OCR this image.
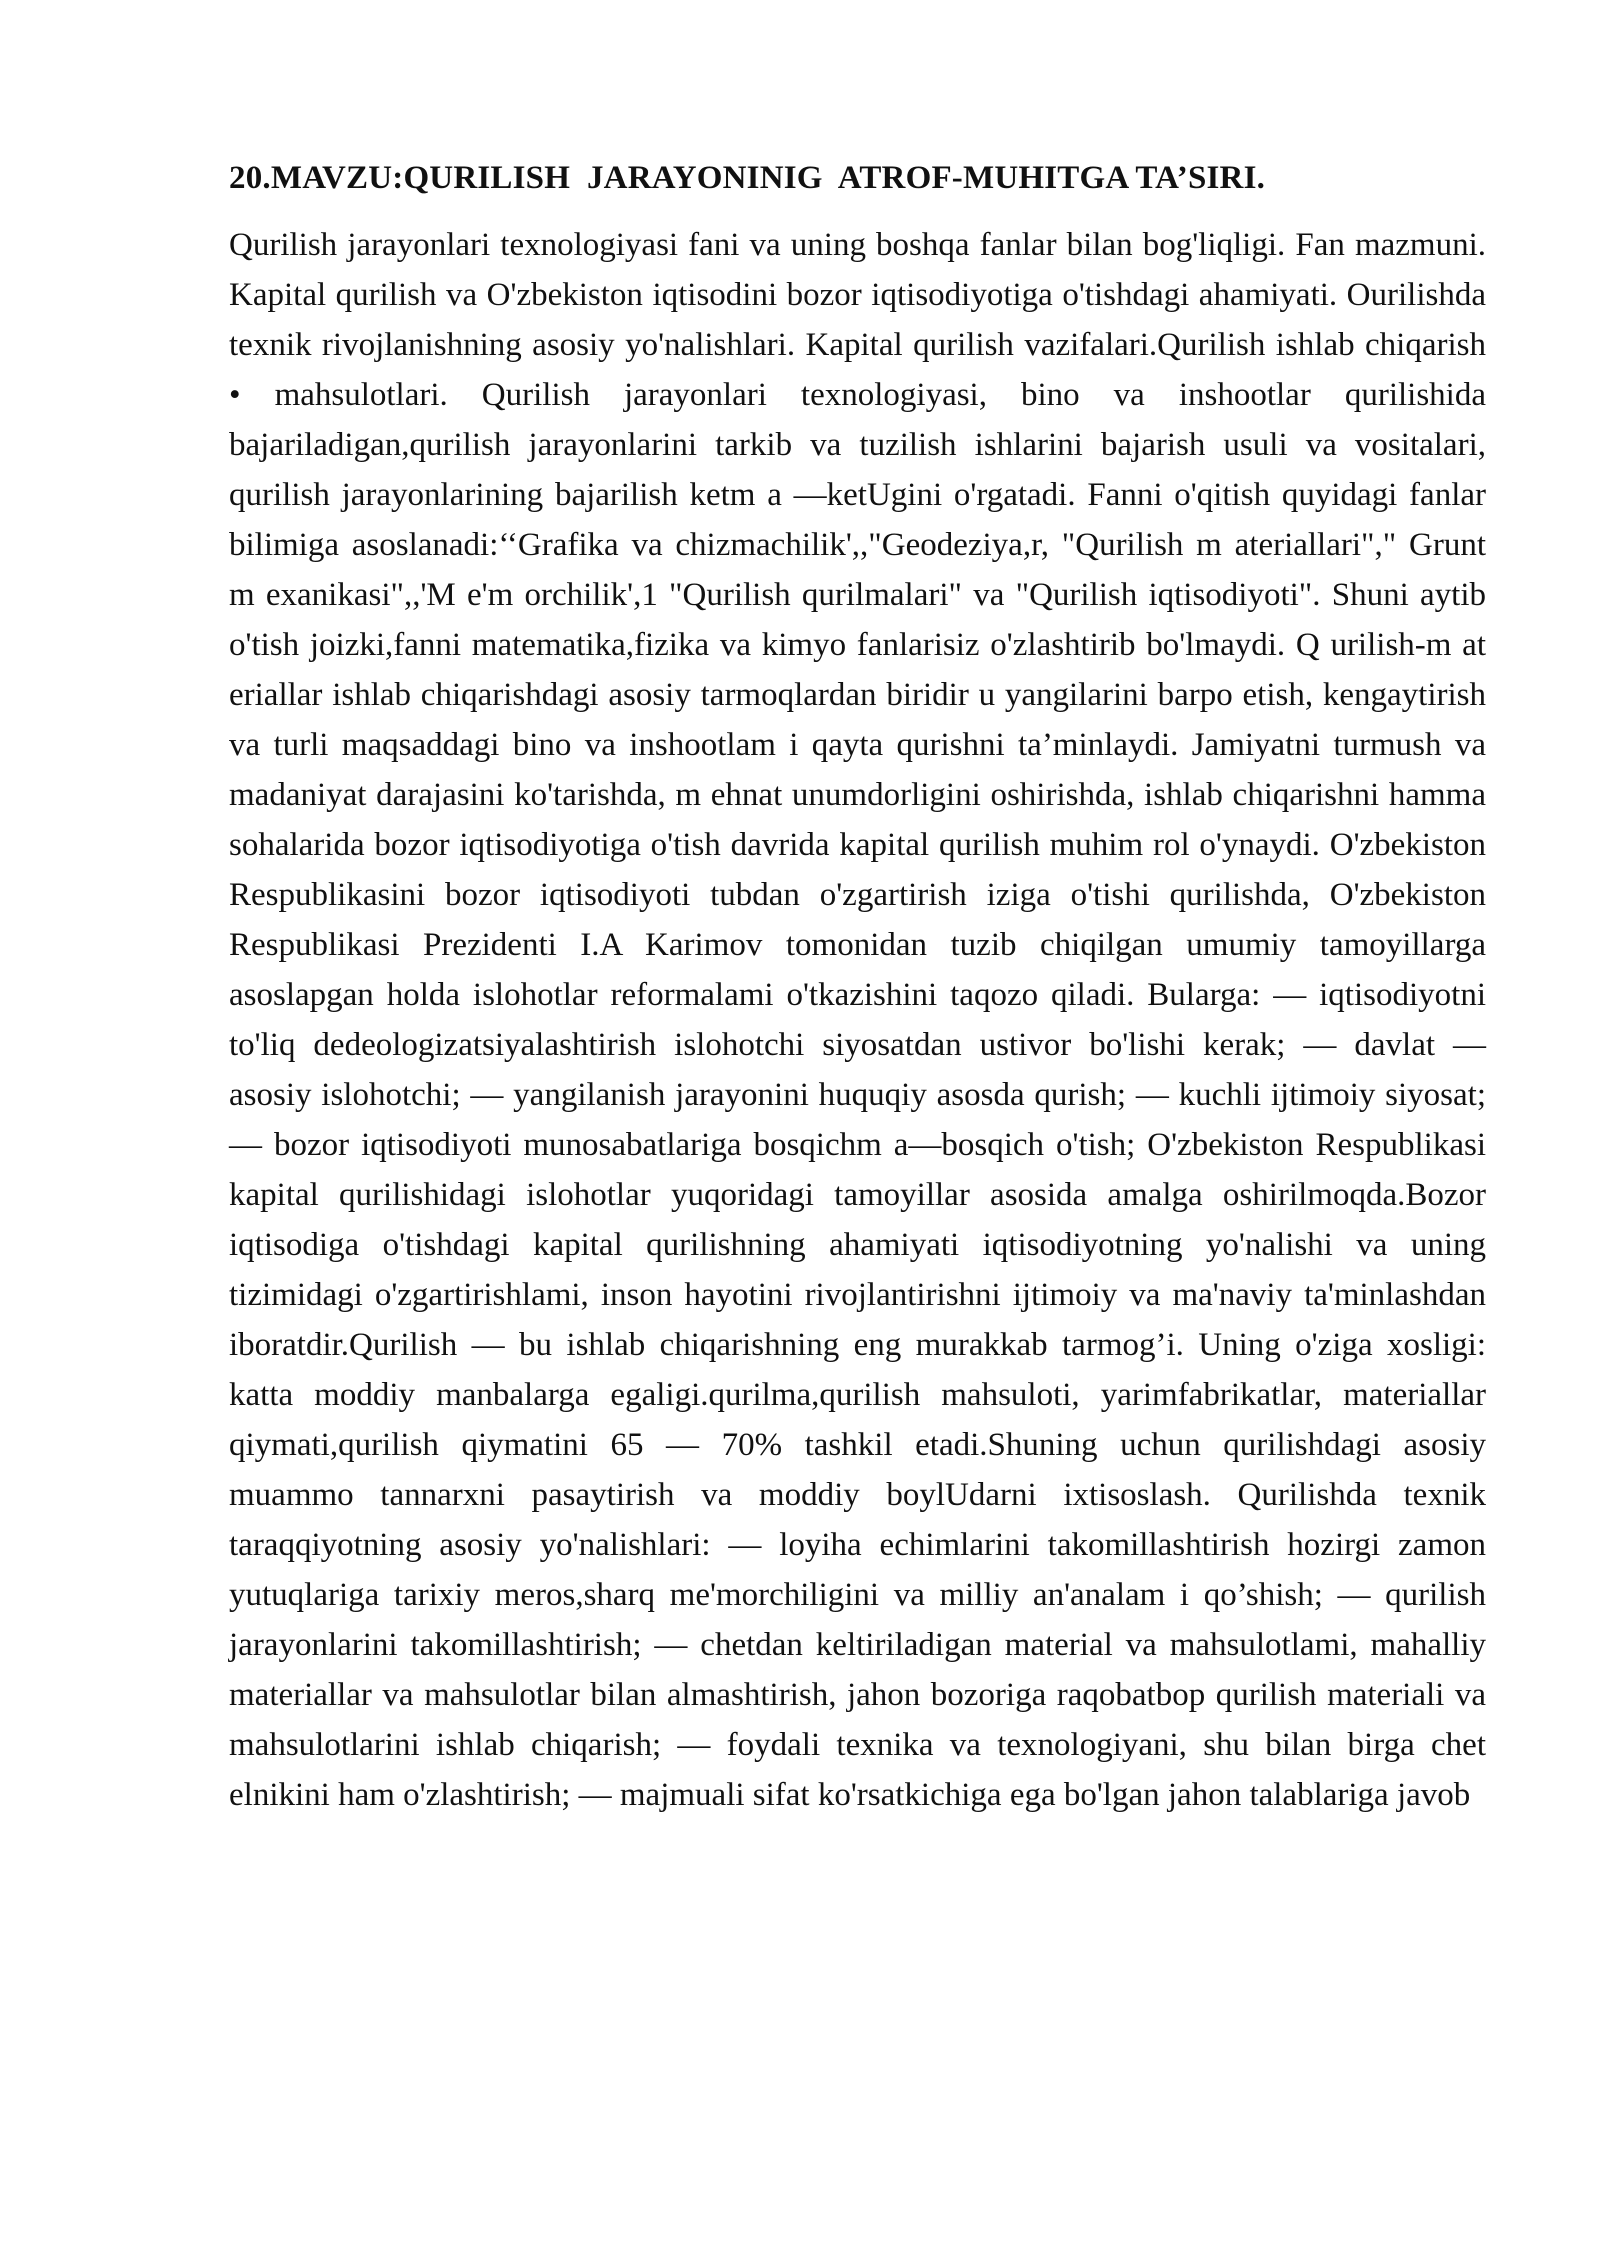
20.MAVZU:QURILISH  JARAYONINIG  ATROF-MUHITGA TA’SIRI.

Qurilish jarayonlari texnologiyasi fani va uning boshqa fanlar bilan bog'liqligi. Fan mazmuni. Kapital qurilish va O'zbekiston iqtisodini bozor iqtisodiyotiga o'tishdagi ahamiyati. Ourilishda texnik rivojlanishning asosiy yo'nalishlari. Kapital qurilish vazifalari.Qurilish ishlab chiqarish • mahsulotlari. Qurilish jarayonlari texnologiyasi, bino va inshootlar qurilishida bajariladigan,qurilish jarayonlarini tarkib va tuzilish ishlarini bajarish usuli va vositalari, qurilish jarayonlarining bajarilish ketm a —ketUgini o'rgatadi. Fanni o'qitish quyidagi fanlar bilimiga asoslanadi:‘‘Grafika va chizmachilik',,"Geodeziya,r, "Qurilish m ateriallari"," Grunt m exanikasi",,'M e'm orchilik',1 "Qurilish qurilmalari" va "Qurilish iqtisodiyoti". Shuni aytib o'tish joizki,fanni matematika,fizika va kimyo fanlarisiz o'zlashtirib bo'lmaydi. Q urilish-m at eriallar ishlab chiqarishdagi asosiy tarmoqlardan biridir u yangilarini barpo etish, kengaytirish va turli maqsaddagi bino va inshootlam i qayta qurishni ta’minlaydi. Jamiyatni turmush va madaniyat darajasini ko'tarishda, m ehnat unumdorligini oshirishda, ishlab chiqarishni hamma sohalarida bozor iqtisodiyotiga o'tish davrida kapital qurilish muhim rol o'ynaydi. O'zbekiston Respublikasini bozor iqtisodiyoti tubdan o'zgartirish iziga o'tishi qurilishda, O'zbekiston Respublikasi Prezidenti I.A Karimov tomonidan tuzib chiqilgan umumiy tamoyillarga asoslapgan holda islohotlar reformalami o'tkazishini taqozo qiladi. Bularga: — iqtisodiyotni to'liq dedeologizatsiyalashtirish islohotchi siyosatdan ustivor bo'lishi kerak; — davlat — asosiy islohotchi; — yangilanish jarayonini huquqiy asosda qurish; — kuchli ijtimoiy siyosat; — bozor iqtisodiyoti munosabatlariga bosqichm a—bosqich o'tish; O'zbekiston Respublikasi kapital qurilishidagi islohotlar yuqoridagi tamoyillar asosida amalga oshirilmoqda.Bozor iqtisodiga o'tishdagi kapital qurilishning ahamiyati iqtisodiyotning yo'nalishi va uning tizimidagi o'zgartirishlami, inson hayotini rivojlantirishni ijtimoiy va ma'naviy ta'minlashdan iboratdir.Qurilish — bu ishlab chiqarishning eng murakkab tarmog’i. Uning o'ziga xosligi: katta moddiy manbalarga egaligi.qurilma,qurilish mahsuloti, yarimfabrikatlar, materiallar qiymati,qurilish qiymatini 65 — 70% tashkil etadi.Shuning uchun qurilishdagi asosiy muammo tannarxni pasaytirish va moddiy boylUdarni ixtisoslash. Qurilishda texnik taraqqiyotning asosiy yo'nalishlari: — loyiha echimlarini takomillashtirish hozirgi zamon yutuqlariga tarixiy meros,sharq me'morchiligini va milliy an'analam i qo’shish; — qurilish jarayonlarini takomillashtirish; — chetdan keltiriladigan material va mahsulotlami, mahalliy materiallar va mahsulotlar bilan almashtirish, jahon bozoriga raqobatbop qurilish materiali va mahsulotlarini ishlab chiqarish; — foydali texnika va texnologiyani, shu bilan birga chet elnikini ham o'zlashtirish; — majmuali sifat ko'rsatkichiga ega bo'lgan jahon talablariga javob
